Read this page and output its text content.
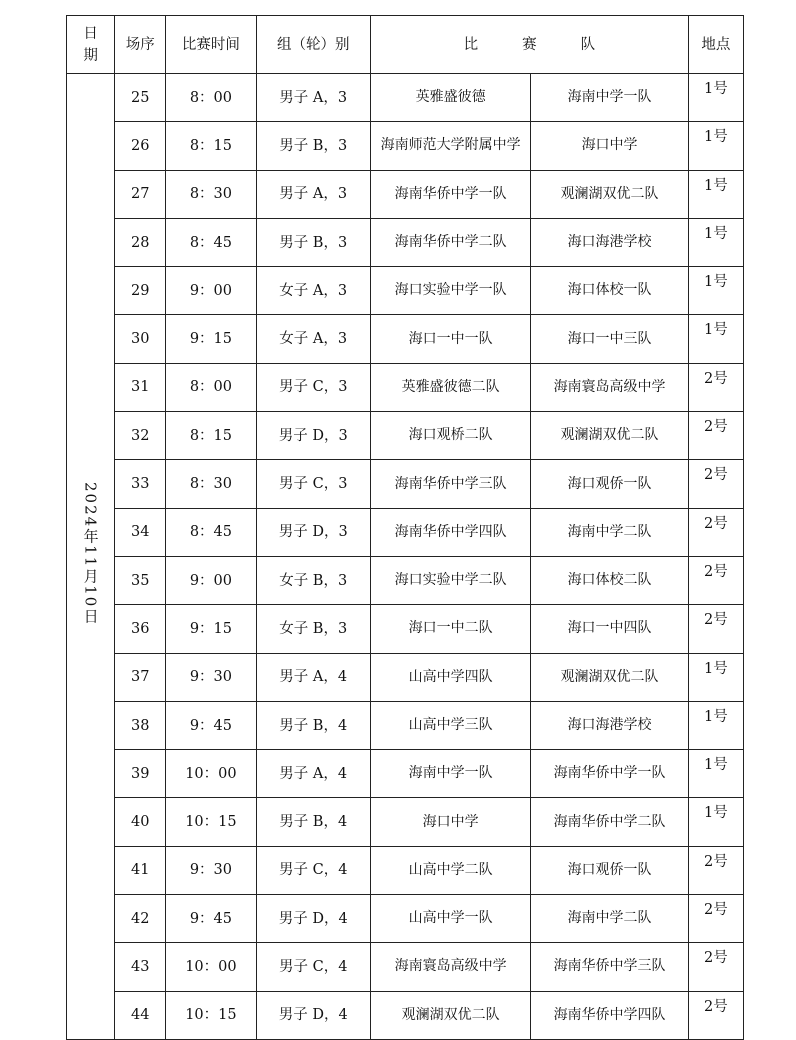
日期	场序	比赛时间	组（轮）别	比 赛 队		地点
2024年11月10日	25	8：00	男子 A，3	英雅盛彼德	海南中学一队	1号
	26	8：15	男子 B，3	海南师范大学附属中学	海口中学	1号
	27	8：30	男子 A，3	海南华侨中学一队	观澜湖双优二队	1号
	28	8：45	男子 B，3	海南华侨中学二队	海口海港学校	1号
	29	9：00	女子 A，3	海口实验中学一队	海口体校一队	1号
	30	9：15	女子 A，3	海口一中一队	海口一中三队	1号
	31	8：00	男子 C，3	英雅盛彼德二队	海南寰岛高级中学	2号
	32	8：15	男子 D，3	海口观桥二队	观澜湖双优二队	2号
	33	8：30	男子 C，3	海南华侨中学三队	海口观侨一队	2号
	34	8：45	男子 D，3	海南华侨中学四队	海南中学二队	2号
	35	9：00	女子 B，3	海口实验中学二队	海口体校二队	2号
	36	9：15	女子 B，3	海口一中二队	海口一中四队	2号
	37	9：30	男子 A，4	山高中学四队	观澜湖双优二队	1号
	38	9：45	男子 B，4	山高中学三队	海口海港学校	1号
	39	10：00	男子 A，4	海南中学一队	海南华侨中学一队	1号
	40	10：15	男子 B，4	海口中学	海南华侨中学二队	1号
	41	9：30	男子 C，4	山高中学二队	海口观侨一队	2号
	42	9：45	男子 D，4	山高中学一队	海南中学二队	2号
	43	10：00	男子 C，4	海南寰岛高级中学	海南华侨中学三队	2号
	44	10：15	男子 D，4	观澜湖双优二队	海南华侨中学四队	2号
